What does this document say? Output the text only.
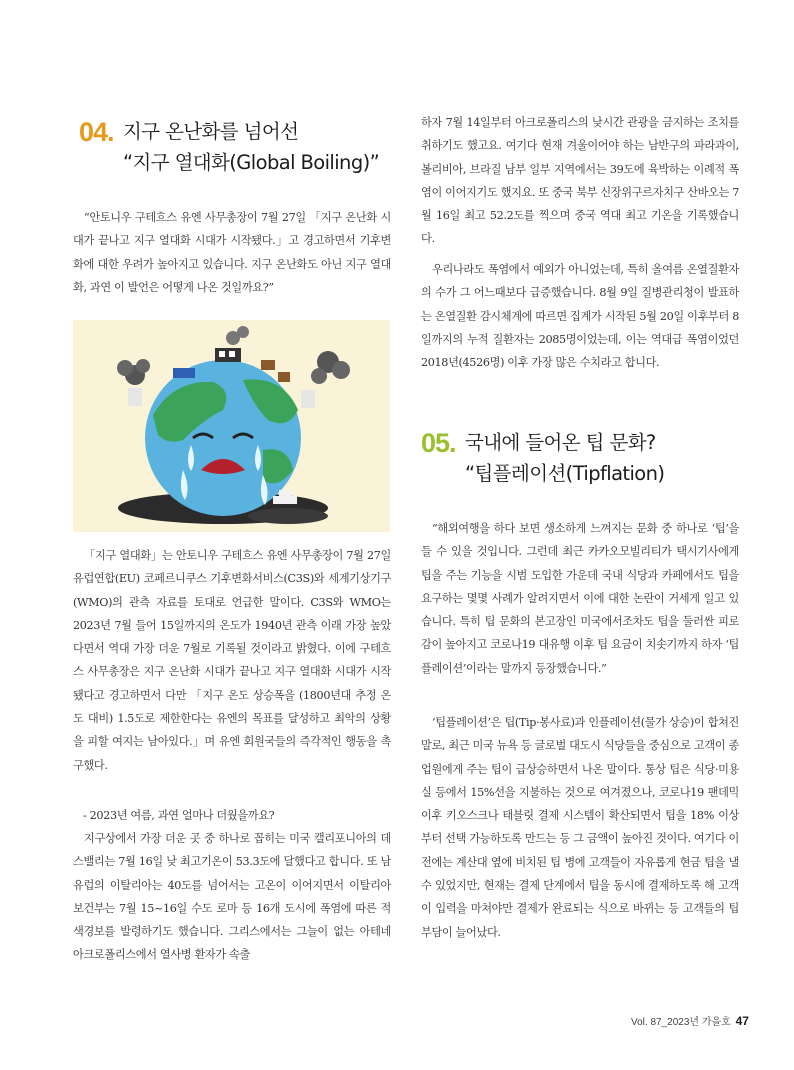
04. 지구 온난화를 넘어선
“지구 열대화(Global Boiling)”

“안토니우 구테흐스 유엔 사무총장이 7월 27일 「지구 온난화 시대가 끝나고 지구 열대화 시대가 시작됐다.」고 경고하면서 기후변화에 대한 우려가 높아지고 있습니다. 지구 온난화도 아닌 지구 열대화, 과연 이 발언은 어떻게 나온 것일까요?”

「지구 열대화」는 안토니우 구테흐스 유엔 사무총장이 7월 27일 유럽연합(EU) 코페르니쿠스 기후변화서비스(C3S)와 세계기상기구(WMO)의 관측 자료를 토대로 언급한 말이다. C3S와 WMO는 2023년 7월 들어 15일까지의 온도가 1940년 관측 이래 가장 높았다면서 역대 가장 더운 7월로 기록될 것이라고 밝혔다. 이에 구테흐스 사무총장은 지구 온난화 시대가 끝나고 지구 열대화 시대가 시작됐다고 경고하면서 다만 「지구 온도 상승폭을 (1800년대 추정 온도 대비) 1.5도로 제한한다는 유엔의 목표를 달성하고 최악의 상황을 피할 여지는 남아있다.」며 유엔 회원국들의 즉각적인 행동을 촉구했다.

- 2023년 여름, 과연 얼마나 더웠을까요?

지구상에서 가장 더운 곳 중 하나로 꼽히는 미국 캘리포니아의 데스밸리는 7월 16일 낮 최고기온이 53.3도에 달했다고 합니다. 또 남유럽의 이탈리아는 40도를 넘어서는 고온이 이어지면서 이탈리아 보건부는 7월 15~16일 수도 로마 등 16개 도시에 폭염에 따른 적색경보를 발령하기도 했습니다. 그리스에서는 그늘이 없는 아테네 아크로폴리스에서 열사병 환자가 속출

하자 7월 14일부터 아크로폴리스의 낮시간 관광을 금지하는 조치를 취하기도 했고요. 여기다 현재 겨울이어야 하는 남반구의 파라과이, 볼리비아, 브라질 남부 일부 지역에서는 39도에 육박하는 이례적 폭염이 이어지기도 했지요. 또 중국 북부 신장위구르자치구 산바오는 7월 16일 최고 52.2도를 찍으며 중국 역대 최고 기온을 기록했습니다.

우리나라도 폭염에서 예외가 아니었는데, 특히 올여름 온열질환자의 수가 그 어느때보다 급증했습니다. 8월 9일 질병관리청이 발표하는 온열질환 감시체계에 따르면 집계가 시작된 5월 20일 이후부터 8일까지의 누적 질환자는 2085명이었는데, 이는 역대급 폭염이었던 2018년(4526명) 이후 가장 많은 수치라고 합니다.

05. 국내에 들어온 팁 문화?
“팁플레이션(Tipflation)

“해외여행을 하다 보면 생소하게 느껴지는 문화 중 하나로 ‘팁’을 들 수 있을 것입니다. 그런데 최근 카카오모빌리티가 택시기사에게 팁을 주는 기능을 시범 도입한 가운데 국내 식당과 카페에서도 팁을 요구하는 몇몇 사례가 알려지면서 이에 대한 논란이 거세게 일고 있습니다. 특히 팁 문화의 본고장인 미국에서조차도 팁을 둘러싼 피로감이 높아지고 코로나19 대유행 이후 팁 요금이 치솟기까지 하자 ‘팁플레이션’이라는 말까지 등장했습니다.”

‘팁플레이션’은 팁(Tip·봉사료)과 인플레이션(물가 상승)이 합쳐진 말로, 최근 미국 뉴욕 등 글로벌 대도시 식당들을 중심으로 고객이 종업원에게 주는 팁이 급상승하면서 나온 말이다. 통상 팁은 식당·미용실 등에서 15%선을 지불하는 것으로 여겨졌으나, 코로나19 팬데믹 이후 키오스크나 태블릿 결제 시스템이 확산되면서 팁을 18% 이상부터 선택 가능하도록 만드는 등 그 금액이 높아진 것이다. 여기다 이전에는 계산대 옆에 비치된 팁 병에 고객들이 자유롭게 현금 팁을 낼 수 있었지만, 현재는 결제 단계에서 팁을 동시에 결제하도록 해 고객이 입력을 마쳐야만 결제가 완료되는 식으로 바뀌는 등 고객들의 팁 부담이 늘어났다.

Vol. 87_2023년 가을호 47
